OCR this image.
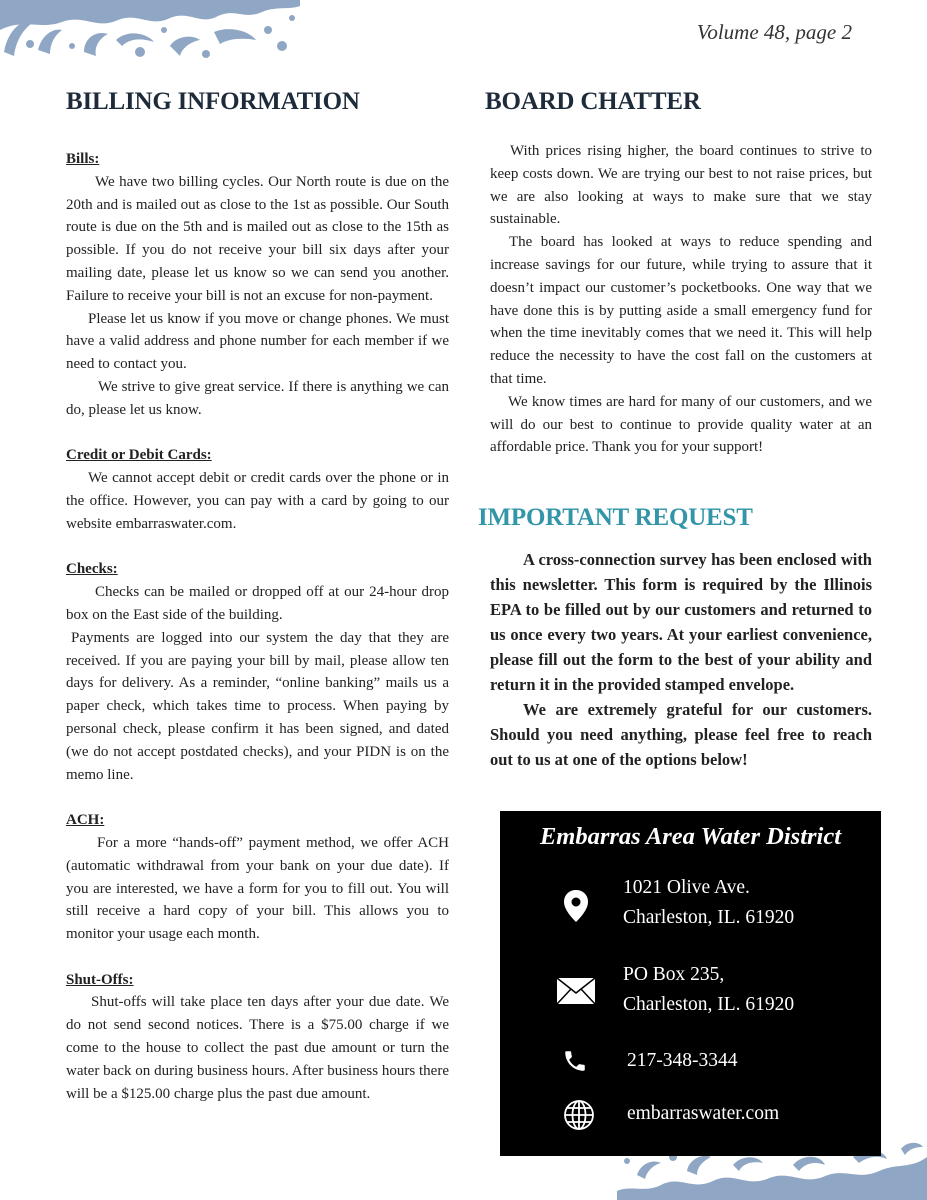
Volume 48, page 2
BILLING INFORMATION
Bills:

We have two billing cycles. Our North route is due on the 20th and is mailed out as close to the 1st as possible. Our South route is due on the 5th and is mailed out as close to the 15th as possible. If you do not receive your bill six days after your mailing date, please let us know so we can send you another. Failure to receive your bill is not an excuse for non-payment.

Please let us know if you move or change phones. We must have a valid address and phone number for each member if we need to contact you.

We strive to give great service. If there is anything we can do, please let us know.

Credit or Debit Cards:

We cannot accept debit or credit cards over the phone or in the office. However, you can pay with a card by going to our website embarraswater.com.

Checks:

Checks can be mailed or dropped off at our 24-hour drop box on the East side of the building.

Payments are logged into our system the day that they are received. If you are paying your bill by mail, please allow ten days for delivery. As a reminder, “online banking” mails us a paper check, which takes time to process. When paying by personal check, please confirm it has been signed, and dated (we do not accept postdated checks), and your PIDN is on the memo line.

ACH:

For a more “hands-off” payment method, we offer ACH (automatic withdrawal from your bank on your due date). If you are interested, we have a form for you to fill out. You will still receive a hard copy of your bill. This allows you to monitor your usage each month.

Shut-Offs:

Shut-offs will take place ten days after your due date. We do not send second notices. There is a $75.00 charge if we come to the house to collect the past due amount or turn the water back on during business hours. After business hours there will be a $125.00 charge plus the past due amount.

BOARD CHATTER

With prices rising higher, the board continues to strive to keep costs down. We are trying our best to not raise prices, but we are also looking at ways to make sure that we stay sustainable.

The board has looked at ways to reduce spending and increase savings for our future, while trying to assure that it doesn’t impact our customer’s pocketbooks. One way that we have done this is by putting aside a small emergency fund for when the time inevitably comes that we need it. This will help reduce the necessity to have the cost fall on the customers at that time.

We know times are hard for many of our customers, and we will do our best to continue to provide quality water at an affordable price. Thank you for your support!

IMPORTANT REQUEST

A cross-connection survey has been enclosed with this newsletter. This form is required by the Illinois EPA to be filled out by our customers and returned to us once every two years. At your earliest convenience, please fill out the form to the best of your ability and return it in the provided stamped envelope.

We are extremely grateful for our customers. Should you need anything, please feel free to reach out to us at one of the options below!

Embarras Area Water District
1021 Olive Ave.
Charleston, IL. 61920
PO Box 235,
Charleston, IL. 61920
217-348-3344
embarraswater.com
